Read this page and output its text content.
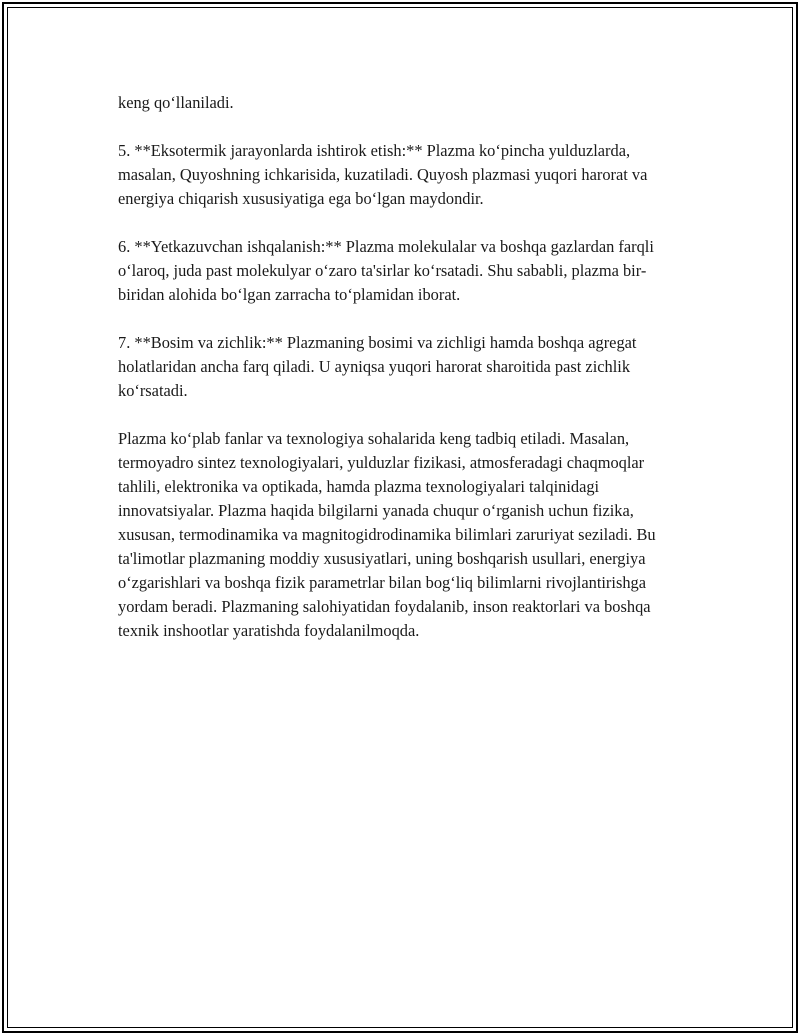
keng qo‘llaniladi.

5. **Eksotermik jarayonlarda ishtirok etish:** Plazma ko‘pincha yulduzlarda, masalan, Quyoshning ichkarisida, kuzatiladi. Quyosh plazmasi yuqori harorat va energiya chiqarish xususiyatiga ega bo‘lgan maydondir.

6. **Yetkazuvchan ishqalanish:** Plazma molekulalar va boshqa gazlardan farqli o‘laroq, juda past molekulyar o‘zaro ta'sirlar ko‘rsatadi. Shu sababli, plazma bir-biridan alohida bo‘lgan zarracha to‘plamidan iborat.

7. **Bosim va zichlik:** Plazmaning bosimi va zichligi hamda boshqa agregat holatlaridan ancha farq qiladi. U ayniqsa yuqori harorat sharoitida past zichlik ko‘rsatadi.

Plazma ko‘plab fanlar va texnologiya sohalarida keng tadbiq etiladi. Masalan, termoyadro sintez texnologiyalari, yulduzlar fizikasi, atmosferadagi chaqmoqlar tahlili, elektronika va optikada, hamda plazma texnologiyalari talqinidagi innovatsiyalar. Plazma haqida bilgilarni yanada chuqur o‘rganish uchun fizika, xususan, termodinamika va magnitogidrodinamika bilimlari zaruriyat seziladi. Bu ta'limotlar plazmaning moddiy xususiyatlari, uning boshqarish usullari, energiya o‘zgarishlari va boshqa fizik parametrlar bilan bog‘liq bilimlarni rivojlantirishga yordam beradi. Plazmaning salohiyatidan foydalanib, inson reaktorlari va boshqa texnik inshootlar yaratishda foydalanilmoqda.
